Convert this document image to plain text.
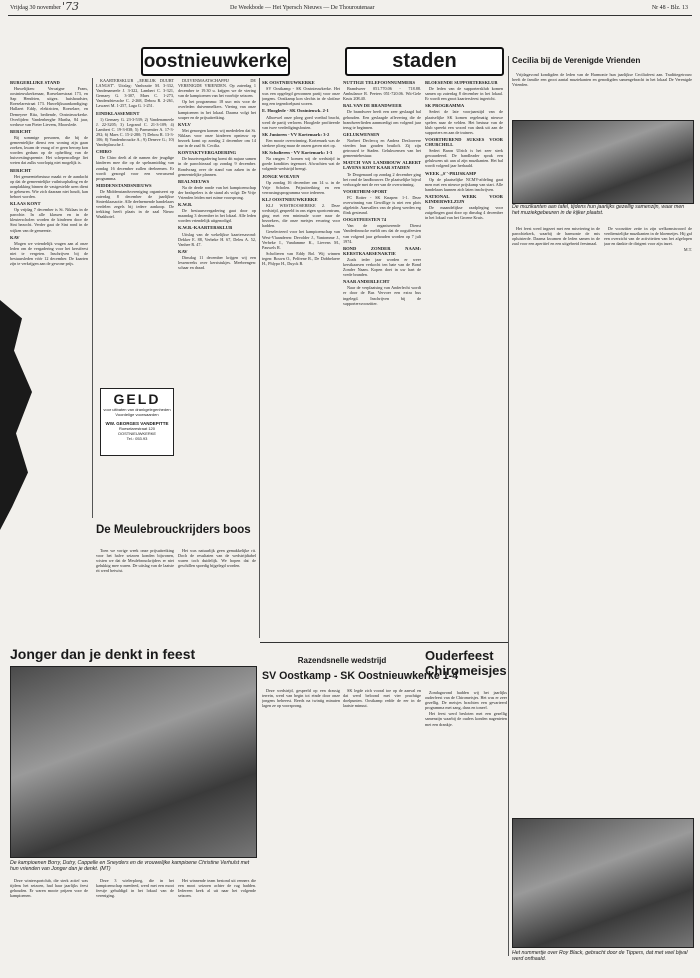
Vrijdag 30 november '73	De Weekbode — Het Ypersch Nieuws — De Thouroutenaar	Nr 48 - Blz. 13
oostnieuwkerke	staden
BURGERLIJKE STAND

Huwelijken: Vercaigne Frans, oostnieuwkerkenaar, Roeselarestraat 173, en Sap Hendrien, uitgez. huishoudster, Roeselarestraat 173. Huwelijksaankondiging: Hallaert Eddy, elektricien, Roeselare, en Demeyere Rita, bediende, Oostnieuwkerke. Overlijden: Vandenberghe Martha, 84 jaar, weduwe van Pieter Lievens, Moorslede.

BERICHT

Bij sommige personen, die bij de gemeentelijke dienst een woning zijn gaan zoeken, kwam de vraag of er geen beroep kon worden gedaan op de opheffing van de huisvestingspremie. Het schepencollege liet weten dat zulks voorlopig niet mogelijk is.

BERICHT

Het gemeentebestuur maakt er de aandacht op dat de gemeentelijke vuilnisophaling en de aanplakking binnen de vastgestelde uren dient te gebeuren. Wie zich daaraan niet houdt, kan beboet worden.

KLAAS KONT

Op vrijdag 7 december is St. Niklaas in de parochie. In alle klassen en in de kleuterscholen worden de kinderen door de Sint bezocht. Verder gaat de Sint rond in de wijken van de gemeente.

KAV

Mogen we vriendelijk vragen aan al onze leden om de vergadering voor het kerstfeest niet te vergeten. Inschrijven bij de bestuursleden vóór 12 december. De kaarten zijn te verkrijgen aan de gewone prijs.

KAARTERSKLUB ,,EERLIJK DUURT LANGST''. Uitslag: Vanhoutte M. 3-332, Vandenameele J. 3-322, Lambert C. 3-321, Gernaey G. 3-307, Maes C. 1-273, Vandendriessche C. 2-268, Debou R. 2-261, Lawaert M. 1-257, Laga G. 1-251.

EINDKLASSEMENT

1) Gernaey G. 23-3-539; 2) Vandenameele J. 22-3205; 3) Legrand C. 21-3-109; 4) Lambert C. 19-3-038; 5) Parmentier A. 17-3-292; 6) Maes C. 15-2-280; 7) Debou R. 13-3-106; 8) Vandenbroucke A.; 9) Deneve G.; 10) Vandeplassche J.

CHIRO

De Chiro deelt al de namen der jeugdige kinderen mee die op de spelnamiddag van zondag 16 december zullen deelnemen. Er wordt gezorgd voor een verrassend programma.

MIDDENSTANDSNIEUWS

De Middenstandsvereniging organiseert op zaterdag 8 december de jaarlijkse Sinterklaasactie. Alle deelnemende handelaars verdelen zegels bij iedere aankoop. De trekking heeft plaats in de zaal Nieuw Waakhotel.

GELD
voor uitbaten van drankgelegenheden
Voordelige voorwaarden
WW. GEORGES VANDEPITTE
Roeselarestraat 120 OOSTNIEUWKERKE
Tel.: 053.93

DUIVENMAATSCHAPPIJ DE VERENIGDE VRIENDEN. Op zaterdag 1 december te 19.30 u. krijgen we de viering van de kampioenen van het voorbije seizoen.

Op het programma: 18 uur: mis voor de overleden duivenmelkers. Viering van onze kampioenen in het lokaal. Daarna volgt het souper en de prijsuitreiking.

KVLV

Met genoegen komen wij mededelen dat St. Niklaas voor onze kinderen opnieuw op bezoek komt op zondag 2 december om 14 uur in de zaal St. Cecilia.

KONTAKTVERGADERING

De buurtvergadering komt dit najaar samen in de parochiezaal op zondag 9 december. Rondvraag over de stand van zaken in de gemeentelijke plannen.

BEALNIEUWS

Na de derde ronde van het kampioenschap der bealspelers is de stand als volgt: De Vrije Vrienden leiden met ruime voorsprong.

K.W.B.

De bestuursvergadering gaat door op maandag 3 december in het lokaal. Alle leden worden vriendelijk uitgenodigd.

K.W.B.-KAARTERSKLUB

Uitslag van de wekelijkse kaartersavond: Dekker E. 88, Verbeke H. 67, Deleu A. 52, Vanhee R. 47.

KAV

Dinsdag 11 december krijgen wij een lessenreeks over kerststukjes. Meebrengen: schaar en draad.

SK OOSTNIEUWKERKE

SV Oostkamp - SK Oostnieuwkerke. Het was een opgelegd gewonnen partij voor onze jongens. Oostkamp kon slechts in de slotfase nog een tegendoelpunt scoren.

E. Hooglede - SK Oostnieuwk. 2-1

Alhoewel onze ploeg goed voetbal bracht, werd de partij verloren. Hooglede profiteerde van twee verdedigingsfouten.

SK Junioren - VV Kortemark: 3-2

Een mooie overwinning. Kortemark was de sterkere ploeg maar de onzen gaven niet op.

SK Scholieren - VV Kortemark: 1-3

Na rangen 7 komen wij de wedstrijd in goede kondities tegemoet. Afwachten wat de volgende wedstrijd brengt.

JONGE WOLVEN

Op zondag 16 december om 14 u. in de Vrije Scholen. Prijsuitreiking en een verrassingsprogramma voor iedereen.

KLJ OOSTNIEUWKERKE

KLJ WESTROOSEBEKE 2. Deze wedstrijd, gespeeld in ons eigen sportcentrum, ging met een minimale score naar de bezoekers, die onze meisjes ervaring voor hadden.

Geselecteerd voor het kampioenschap van West-Vlaanderen: Devolder J., Vantomme J., Verbeke I., Vandamme K., Lievens M., Pauwels R.

Scholieren van Eddy Bol. Wij winnen tegen: Bouvn O., Pelfrene R., De Dobbelaere H., Phlypo H., Duyck B.

NUTTIGE TELEFOONNUMMERS

Brandweer 051.770.06 - 718.88. Ambulance R. Peeters 051-720.06. Wit-Gele Kruis 208.40.

BAL VAN DE BRANDWEER

De brandweer heeft een zeer geslaagd bal gehouden. Een geslaagde aflevering die de brandweerlieden aanmoedigt om volgend jaar terug te beginnen.

GELUKWENSEN

Norbert Declercq en Andrea Desloovere vierden hun gouden bruiloft. Zij zijn getrouwd te Staden. Gelukwensen van het gemeentebestuur.

MATCH VAN LANDBOUW ALBERT LAVENS KONT KAAR STADEN

Te Drogenaard op zondag 2 december ging het rond de landbouwer. De plaatselijke bijval verhoogde met de eer van de overwinning.

VOORTHEM-SPORT

FC Rotter - SK Knapen: 1-1. Deze overwinning van Gewillige is niet een plots afgeleide. Aanvallers van de ploeg werden erg flink gesteund.

OOGSTFEESTEN 74

Van de organiserende Dienst Vandenbroucke meldt ons dat de oogstfeesten van volgend jaar gehouden worden op 7 juli 1974.

BOND ZONDER NAAM: KERSTKAARSENAKTIE

Zoals ieder jaar worden er weer kerstkaarsen verkocht ten bate van de Bond Zonder Naam. Kopen doet in uw hart de vrede branden.

NAAR ANDERLECHT

Naar de verplaatsing van Anderlecht wordt er door de Bus Vervoer een extra bus ingelegd. Inschrijven bij de supportersvoorzitter.

BLOESENDE SUPPORTERSKLUB

De leden van de supportersklub komen samen op zaterdag 8 december in het lokaal. Er wordt een groot kaartersfeest ingericht.

SK PROGRAMMA

Sedert de late voorjaarstijd van de plaatselijke SK komen regelmatig nieuwe spelers naar de velden. Het bestuur van de klub spreekt een woord van dank uit aan de supporters en aan de trainers.

VOORTHUREND SUKSES VOOR CHURCHILL

Sedert Baron Ulrich is het zeer sterk gewaardeerd. De bandleader sprak een gelukwens uit aan al zijn muzikanten. Het bal wordt volgend jaar herhaald.

WEEK ,,S''-PRIJSKAMP

Op de plaatselijke NCMV-afdeling gaat men met een nieuwe prijskamp van start. Alle handelaars kunnen zich laten inschrijven.

NATIONAL WERK VOOR KINDERWELZIJN

De maandelijkse raadpleging voor zuigelingen gaat door op dinsdag 4 december in het lokaal van het Groene Kruis.

Cecilia bij de Verenigde Vrienden

Vrijdagavond kondigden de leden van de Harmonie hun jaarlijkse Ceciliafeest aan. Traditiegetrouw heeft de familie een groot aantal muziekanten en genodigden samengebracht in het lokaal De Verenigde Vrienden.

De muzikanten aan tafel, tijdens hun jaarlijks gezellig samenzijn, waar men het muziekgebeuren in de kijker plaatst.

Het feest werd ingezet met een misviering in de parochiekerk, waarbij de harmonie de mis opluisterde. Daarna kwamen de leden samen in de zaal voor een aperitief en een uitgebreid feestmaal.

De voorzitter zette in zijn welkomstwoord de verdienstelijke muzikanten in de bloemetjes. Hij gaf een overzicht van de activiteiten van het afgelopen jaar en dankte de dirigent voor zijn inzet.

M.T.

De Meulebrouckrijders boos

Toen we vorige week onze prijsuitreiking voor het halve seizoen konden bijwonen, wisten we dat de Meulebrouckrijders er niet gelukkig mee waren. De uitslag van de laatste rit werd betwist.

Het was natuurlijk geen gemakkelijke rit. Doch de resultaten van de wedstrijdtabel waren toch duidelijk. We hopen dat de geschillen spoedig bijgelegd worden.

Jonger dan je denkt in feest
De kampioenen Borry, Dutry, Cappelle en Sneyders en de vrouwelijke kampioene Christine Verhulst met hun vrienden van Jonger dan je denkt. (MT)

Deze wintersportclub, die sterk actief was tijdens het seizoen, had haar jaarlijks feest gehouden. Er waren mooie prijzen voor de kampioenen.

Deze 3 wielerploeg, die in het kampioenschap meedeed, werd met een mooi feestje gehuldigd in het lokaal van de vereniging.

Het winnende team bestond uit renners die een mooi seizoen achter de rug hadden. Iedereen keek al uit naar het volgende seizoen.

Razendsnelle wedstrijd
SV Oostkamp - SK Oostnieuwkerke 1-4

Deze wedstrijd, gespeeld op een drassig terrein, werd van begin tot einde door onze jongens beheerst. Reeds na twintig minuten lagen ze op voorsprong.

SK legde zich vooral toe op de aanval en dat werd beloond met vier prachtige doelpunten. Oostkamp redde de eer in de laatste minuut.

Ouderfeest Chiromeisjes

Zondagavond hadden wij het jaarlijks ouderfeest van de Chiromeisjes. Het was er zeer gezellig. De meisjes brachten een gevarieerd programma met zang, dans en toneel.

Het feest werd besloten met een gezellig samenzijn waarbij de ouders konden nagenieten met een drankje.

Het nummertje over Roy Black, gebracht door de Tippers, dat met veel bijval werd onthaald.
